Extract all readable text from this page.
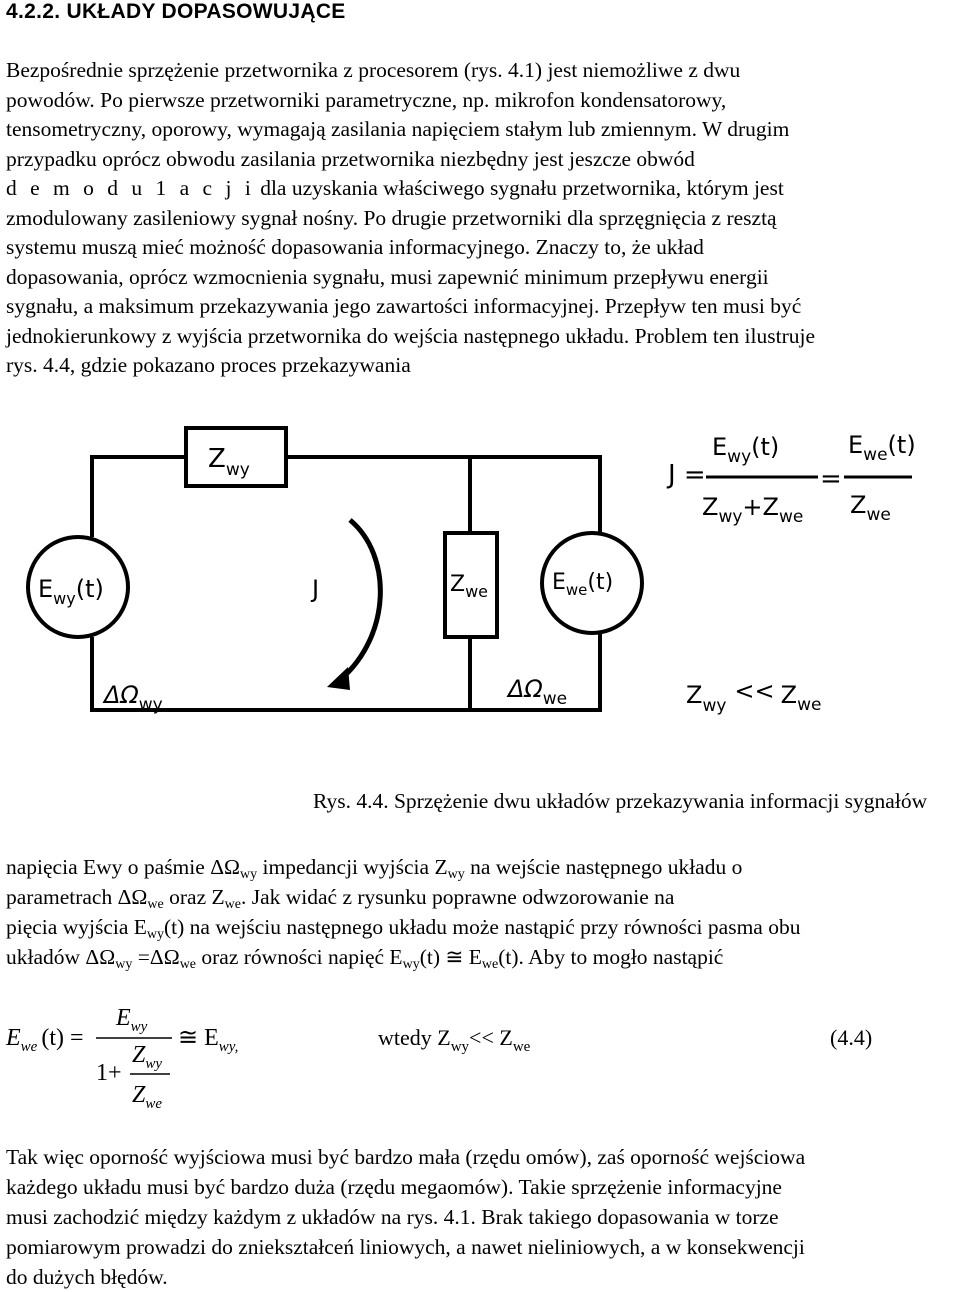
4.2.2. UKŁADY DOPASOWUJĄCE

Bezpośrednie sprzężenie przetwornika z procesorem (rys. 4.1) jest niemożliwe z dwu

powodów. Po pierwsze przetworniki parametryczne, np. mikrofon kondensatorowy,

tensometryczny, oporowy, wymagają zasilania napięciem stałym lub zmiennym. W drugim

przypadku oprócz obwodu zasilania przetwornika niezbędny jest jeszcze obwód

d e m o d u 1 a c j i dla uzyskania właściwego sygnału przetwornika, którym jest

zmodulowany zasileniowy sygnał nośny. Po drugie przetworniki dla sprzęgnięcia z resztą

systemu muszą mieć możność dopasowania informacyjnego. Znaczy to, że układ

dopasowania, oprócz wzmocnienia sygnału, musi zapewnić minimum przepływu energii

sygnału, a maksimum przekazywania jego zawartości informacyjnej. Przepływ ten musi być

jednokierunkowy z wyjścia przetwornika do wejścia następnego układu. Problem ten ilustruje

rys. 4.4, gdzie pokazano proces przekazywania

$Z_{wy}$
$E_{wy}(t)$	$Z_{we}$	$E_{we}(t)$
J
$\Delta\Omega_{wy}$
$\Delta\Omega_{we}$
J =
$E_{wy}(t)$
$Z_{wy}+Z_{we}$
=
$E_{we}(t)$
$Z_{we}$
$Z_{wy}<< Z_{we}$
Rys. 4.4. Sprzężenie dwu układów przekazywania informacji sygnałów

napięcia Ewy o paśmie $\Delta\Omega_{wy}$ impedancji wyjścia $Z_{wy}$ na wejście następnego układu o

parametrach $\Delta\Omega_{we}$ oraz $Z_{we}$. Jak widać z rysunku poprawne odwzorowanie na

pięcia wyjścia $E_{wy}(t)$ na wejściu następnego układu może nastąpić przy równości pasma obu

układów $\Delta\Omega_{wy} =\Delta\Omega_{we}$ oraz równości napięć $E_{wy}(t)$ ≅ $E_{we}(t)$. Aby to mogło nastąpić

$E_{we}$ (t) =
$E_{wy}$
1+
$Z_{wy}$
$Z_{we}$
≅ $E_{wy,}$	wtedy $Z_{wy}<< Z_{we}$	(4.4)

Tak więc oporność wyjściowa musi być bardzo mała (rzędu omów), zaś oporność wejściowa

każdego układu musi być bardzo duża (rzędu megaomów). Takie sprzężenie informacyjne

musi zachodzić między każdym z układów na rys. 4.1. Brak takiego dopasowania w torze

pomiarowym prowadzi do zniekształceń liniowych, a nawet nieliniowych, a w konsekwencji

do dużych błędów.
